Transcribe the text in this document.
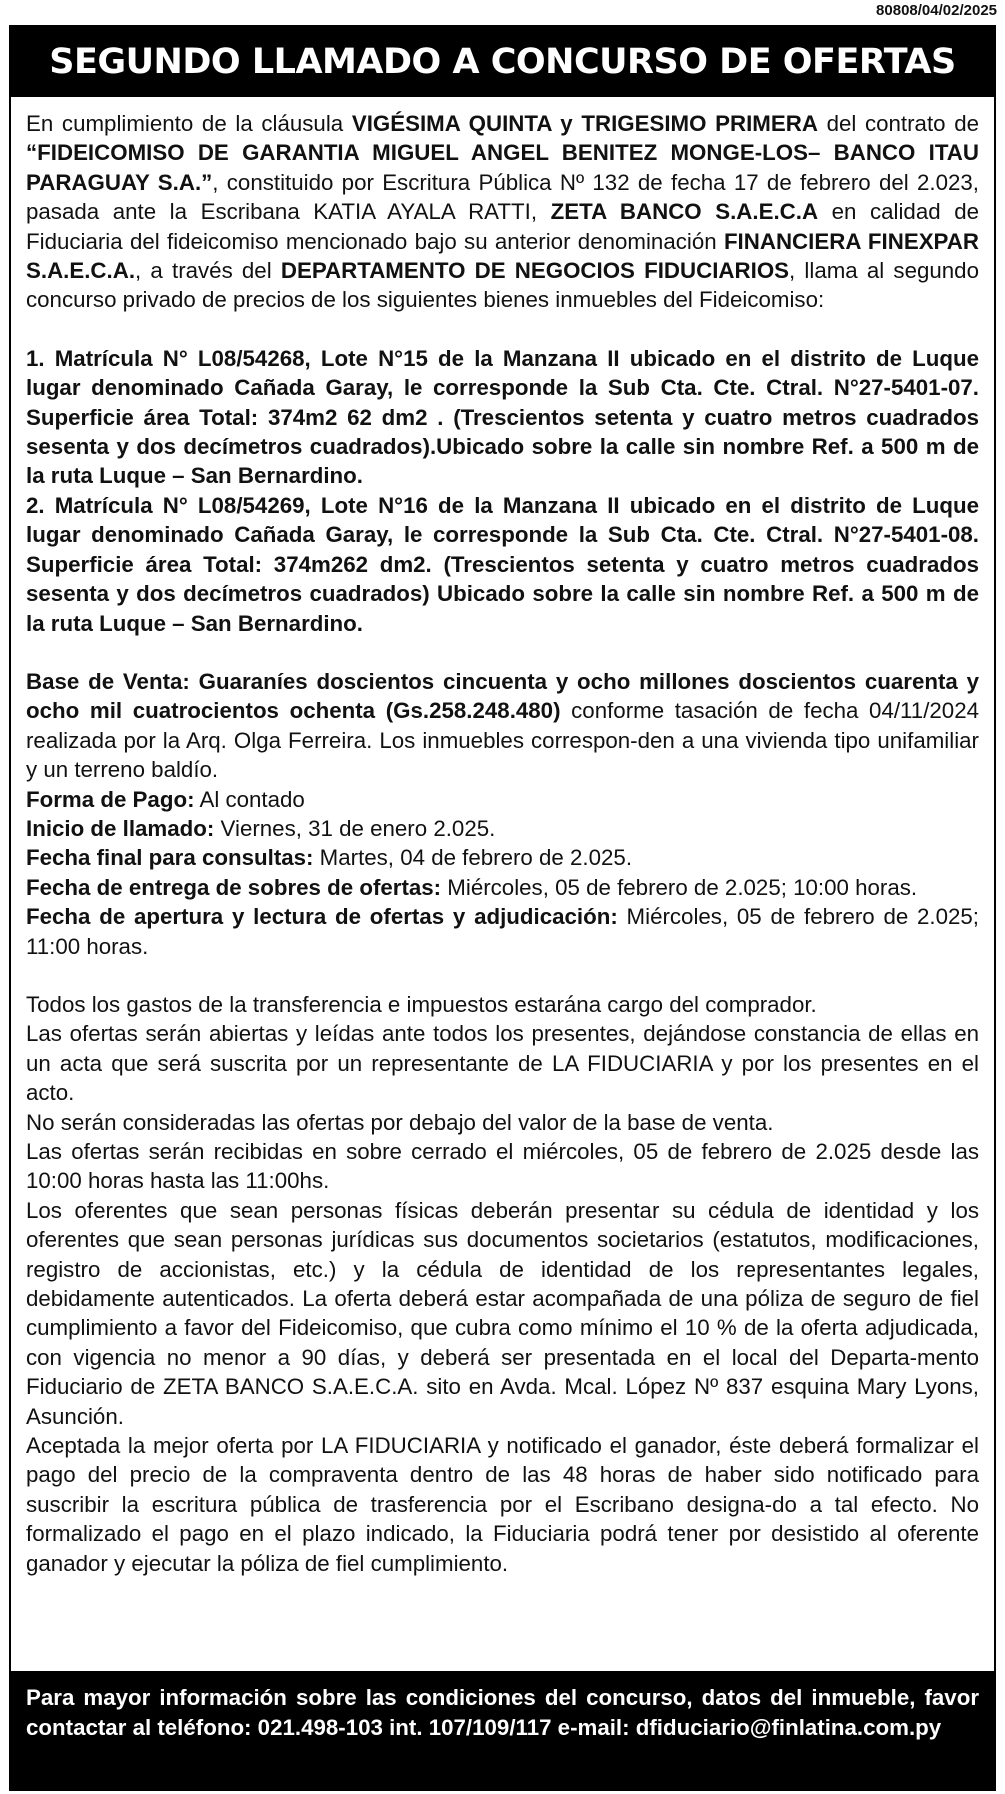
80808/04/02/2025
SEGUNDO LLAMADO A CONCURSO DE OFERTAS

En cumplimiento de la cláusula VIGÉSIMA QUINTA y TRIGESIMO PRIMERA del contrato de “FIDEICOMISO DE GARANTIA MIGUEL ANGEL BENITEZ MONGE-LOS– BANCO ITAU PARAGUAY S.A.”, constituido por Escritura Pública Nº 132 de fecha 17 de febrero del 2.023, pasada ante la Escribana KATIA AYALA RATTI, ZETA BANCO S.A.E.C.A en calidad de Fiduciaria del fideicomiso mencionado bajo su anterior denominación FINANCIERA FINEXPAR S.A.E.C.A., a través del DEPARTAMENTO DE NEGOCIOS FIDUCIARIOS, llama al segundo concurso privado de precios de los siguientes bienes inmuebles del Fideicomiso:

1. Matrícula N° L08/54268, Lote N°15 de la Manzana II ubicado en el distrito de Luque lugar denominado Cañada Garay, le corresponde la Sub Cta. Cte. Ctral. N°27-5401-07. Superficie área Total: 374m2 62 dm2 . (Trescientos setenta y cuatro metros cuadrados sesenta y dos decímetros cuadrados).Ubicado sobre la calle sin nombre Ref. a 500 m de la ruta Luque – San Bernardino.

2. Matrícula N° L08/54269, Lote N°16 de la Manzana II ubicado en el distrito de Luque lugar denominado Cañada Garay, le corresponde la Sub Cta. Cte. Ctral. N°27-5401-08. Superficie área Total: 374m262 dm2. (Trescientos setenta y cuatro metros cuadrados sesenta y dos decímetros cuadrados) Ubicado sobre la calle sin nombre Ref. a 500 m de la ruta Luque – San Bernardino.

Base de Venta: Guaraníes doscientos cincuenta y ocho millones doscientos cuarenta y ocho mil cuatrocientos ochenta (Gs.258.248.480) conforme tasación de fecha 04/11/2024 realizada por la Arq. Olga Ferreira. Los inmuebles correspon-den a una vivienda tipo unifamiliar y un terreno baldío.

Forma de Pago: Al contado

Inicio de llamado: Viernes, 31 de enero 2.025.

Fecha final para consultas: Martes, 04 de febrero de 2.025.

Fecha de entrega de sobres de ofertas: Miércoles, 05 de febrero de 2.025; 10:00 horas.

Fecha de apertura y lectura de ofertas y adjudicación: Miércoles, 05 de febrero de 2.025; 11:00 horas.

Todos los gastos de la transferencia e impuestos estarána cargo del comprador.

Las ofertas serán abiertas y leídas ante todos los presentes, dejándose constancia de ellas en un acta que será suscrita por un representante de LA FIDUCIARIA y por los presentes en el acto.

No serán consideradas las ofertas por debajo del valor de la base de venta.

Las ofertas serán recibidas en sobre cerrado el miércoles, 05 de febrero de 2.025 desde las 10:00 horas hasta las 11:00hs.

Los oferentes que sean personas físicas deberán presentar su cédula de identidad y los oferentes que sean personas jurídicas sus documentos societarios (estatutos, modificaciones, registro de accionistas, etc.) y la cédula de identidad de los representantes legales, debidamente autenticados. La oferta deberá estar acompañada de una póliza de seguro de fiel cumplimiento a favor del Fideicomiso, que cubra como mínimo el 10 % de la oferta adjudicada, con vigencia no menor a 90 días, y deberá ser presentada en el local del Departa-mento Fiduciario de ZETA BANCO S.A.E.C.A. sito en Avda. Mcal. López Nº 837 esquina Mary Lyons, Asunción.

Aceptada la mejor oferta por LA FIDUCIARIA y notificado el ganador, éste deberá formalizar el pago del precio de la compraventa dentro de las 48 horas de haber sido notificado para suscribir la escritura pública de trasferencia por el Escribano designa-do a tal efecto. No formalizado el pago en el plazo indicado, la Fiduciaria podrá tener por desistido al oferente ganador y ejecutar la póliza de fiel cumplimiento.

Para mayor información sobre las condiciones del concurso, datos del inmueble, favor contactar al teléfono: 021.498-103 int. 107/109/117 e-mail: dfiduciario@finlatina.com.py
